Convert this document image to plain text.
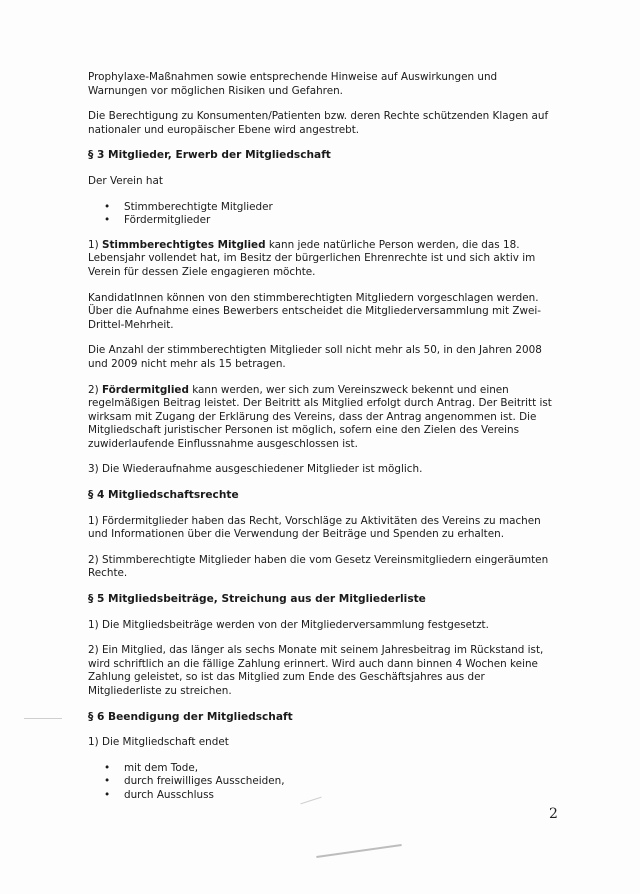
Prophylaxe-Maßnahmen sowie entsprechende Hinweise auf Auswirkungen und Warnungen vor möglichen Risiken und Gefahren.

Die Berechtigung zu Konsumenten/Patienten bzw. deren Rechte schützenden Klagen auf nationaler und europäischer Ebene wird angestrebt.

§ 3 Mitglieder, Erwerb der Mitgliedschaft

Der Verein hat

• Stimmberechtigte Mitglieder
• Fördermitglieder

1) Stimmberechtigtes Mitglied kann jede natürliche Person werden, die das 18. Lebensjahr vollendet hat, im Besitz der bürgerlichen Ehrenrechte ist und sich aktiv im Verein für dessen Ziele engagieren möchte.

KandidatInnen können von den stimmberechtigten Mitgliedern vorgeschlagen werden. Über die Aufnahme eines Bewerbers entscheidet die Mitgliederversammlung mit Zwei-Drittel-Mehrheit.

Die Anzahl der stimmberechtigten Mitglieder soll nicht mehr als 50, in den Jahren 2008 und 2009 nicht mehr als 15 betragen.

2) Fördermitglied kann werden, wer sich zum Vereinszweck bekennt und einen regelmäßigen Beitrag leistet. Der Beitritt als Mitglied erfolgt durch Antrag. Der Beitritt ist wirksam mit Zugang der Erklärung des Vereins, dass der Antrag angenommen ist. Die Mitgliedschaft juristischer Personen ist möglich, sofern eine den Zielen des Vereins zuwiderlaufende Einflussnahme ausgeschlossen ist.

3) Die Wiederaufnahme ausgeschiedener Mitglieder ist möglich.

§ 4 Mitgliedschaftsrechte

1) Fördermitglieder haben das Recht, Vorschläge zu Aktivitäten des Vereins zu machen und Informationen über die Verwendung der Beiträge und Spenden zu erhalten.

2) Stimmberechtigte Mitglieder haben die vom Gesetz Vereinsmitgliedern eingeräumten Rechte.

§ 5 Mitgliedsbeiträge, Streichung aus der Mitgliederliste

1) Die Mitgliedsbeiträge werden von der Mitgliederversammlung festgesetzt.

2) Ein Mitglied, das länger als sechs Monate mit seinem Jahresbeitrag im Rückstand ist, wird schriftlich an die fällige Zahlung erinnert. Wird auch dann binnen 4 Wochen keine Zahlung geleistet, so ist das Mitglied zum Ende des Geschäftsjahres aus der Mitgliederliste zu streichen.

§ 6 Beendigung der Mitgliedschaft

1) Die Mitgliedschaft endet

• mit dem Tode,
• durch freiwilliges Ausscheiden,
• durch Ausschluss
2
